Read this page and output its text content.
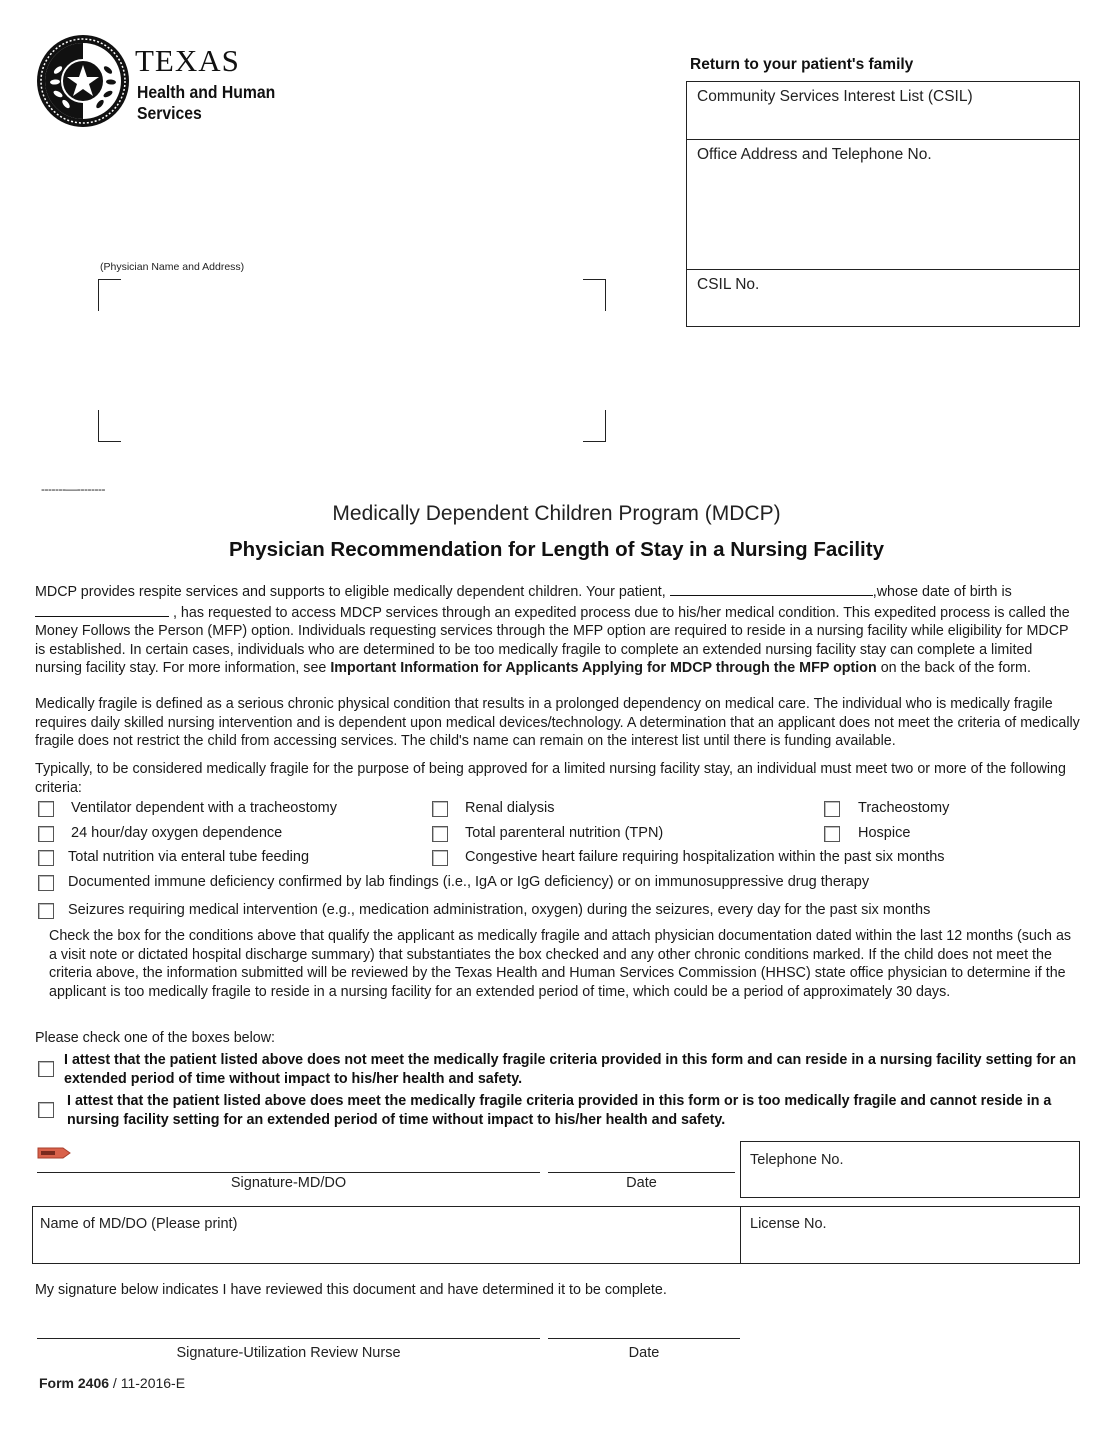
TEXAS
Health and Human
Services
Return to your patient's family
Community Services Interest List (CSIL)
Office Address and Telephone No.
CSIL No.
(Physician Name and Address)
-------—--------
Medically Dependent Children Program (MDCP)
Physician Recommendation for Length of Stay in a Nursing Facility
MDCP provides respite services and supports to eligible medically dependent children. Your patient,	,whose date of birth is
, has requested to access MDCP services through an expedited process due to his/her medical condition. This expedited process is called the Money Follows the Person (MFP) option. Individuals requesting services through the MFP option are required to reside in a nursing facility while eligibility for MDCP is established. In certain cases, individuals who are determined to be too medically fragile to complete an extended nursing facility stay can complete a limited nursing facility stay. For more information, see Important Information for Applicants Applying for MDCP through the MFP option on the back of the form.
Medically fragile is defined as a serious chronic physical condition that results in a prolonged dependency on medical care. The individual who is medically fragile requires daily skilled nursing intervention and is dependent upon medical devices/technology. A determination that an applicant does not meet the criteria of medically fragile does not restrict the child from accessing services. The child's name can remain on the interest list until there is funding available.
Typically, to be considered medically fragile for the purpose of being approved for a limited nursing facility stay, an individual must meet two or more of the following criteria:
Ventilator dependent with a tracheostomy	Renal dialysis	Tracheostomy
24 hour/day oxygen dependence	Total parenteral nutrition (TPN)	Hospice
Total nutrition via enteral tube feeding	Congestive heart failure requiring hospitalization within the past six months
Documented immune deficiency confirmed by lab findings (i.e., IgA or IgG deficiency) or on immunosuppressive drug therapy
Seizures requiring medical intervention (e.g., medication administration, oxygen) during the seizures, every day for the past six months
Check the box for the conditions above that qualify the applicant as medically fragile and attach physician documentation dated within the last 12 months (such as a visit note or dictated hospital discharge summary) that substantiates the box checked and any other chronic conditions marked. If the child does not meet the criteria above, the information submitted will be reviewed by the Texas Health and Human Services Commission (HHSC) state office physician to determine if the applicant is too medically fragile to reside in a nursing facility for an extended period of time, which could be a period of approximately 30 days.
Please check one of the boxes below:
I attest that the patient listed above does not meet the medically fragile criteria provided in this form and can reside in a nursing facility setting for an extended period of time without impact to his/her health and safety.
I attest that the patient listed above does meet the medically fragile criteria provided in this form or is too medically fragile and cannot reside in a nursing facility setting for an extended period of time without impact to his/her health and safety.
Signature-MD/DO	Date
Telephone No.
Name of MD/DO (Please print)	License No.
My signature below indicates I have reviewed this document and have determined it to be complete.
Signature-Utilization Review Nurse	Date
Form 2406 / 11-2016-E
